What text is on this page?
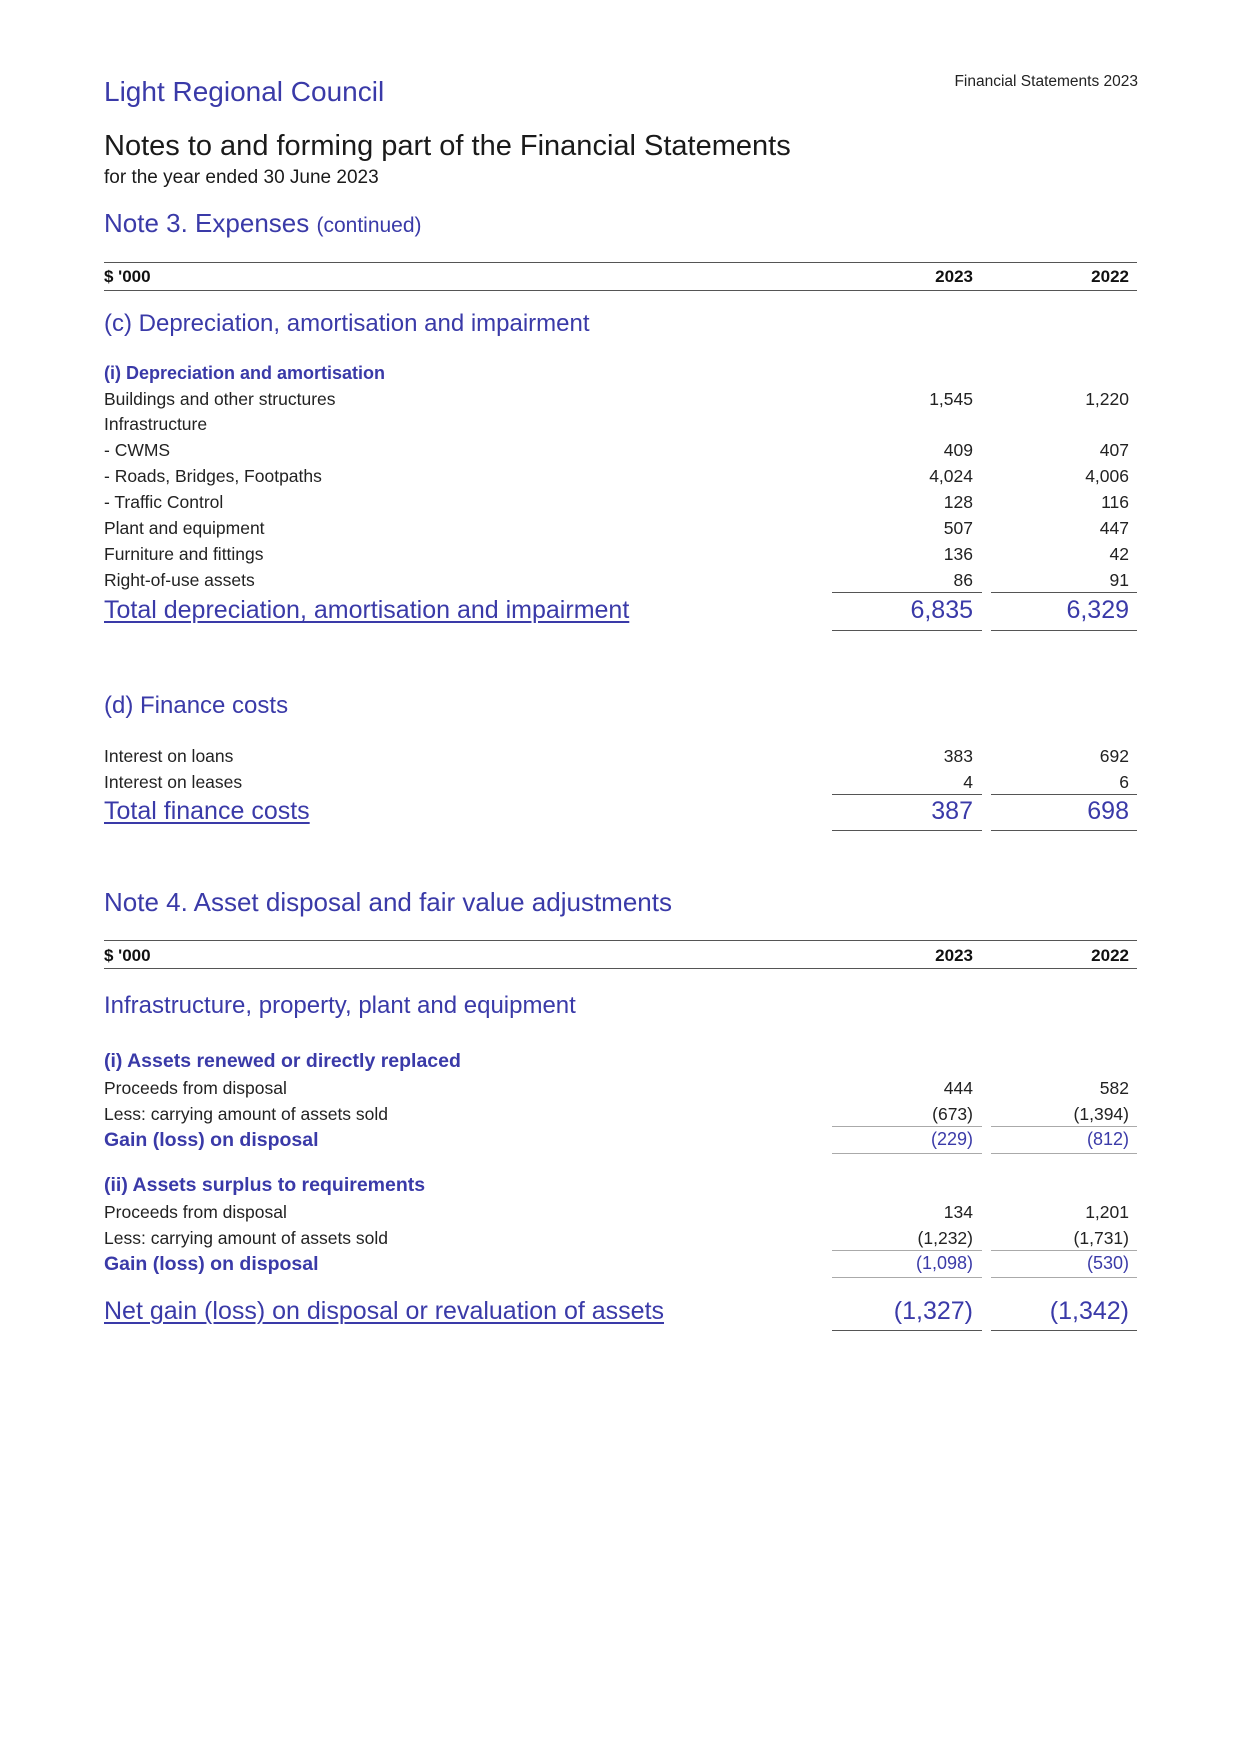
Light Regional Council	Financial Statements 2023
Notes to and forming part of the Financial Statements
for the year ended 30 June 2023
Note 3. Expenses (continued)
$ '000	2023	2022
(c) Depreciation, amortisation and impairment
(i) Depreciation and amortisation
Buildings and other structures	1,545	1,220
Infrastructure
- CWMS	409	407
- Roads, Bridges, Footpaths	4,024	4,006
- Traffic Control	128	116
Plant and equipment	507	447
Furniture and fittings	136	42
Right-of-use assets	86	91
Total depreciation, amortisation and impairment	6,835	6,329
(d) Finance costs
Interest on loans	383	692
Interest on leases	4	6
Total finance costs	387	698
Note 4. Asset disposal and fair value adjustments
$ '000	2023	2022
Infrastructure, property, plant and equipment
(i) Assets renewed or directly replaced
Proceeds from disposal	444	582
Less: carrying amount of assets sold	(673)	(1,394)
Gain (loss) on disposal	(229)	(812)
(ii) Assets surplus to requirements
Proceeds from disposal	134	1,201
Less: carrying amount of assets sold	(1,232)	(1,731)
Gain (loss) on disposal	(1,098)	(530)
Net gain (loss) on disposal or revaluation of assets	(1,327)	(1,342)
